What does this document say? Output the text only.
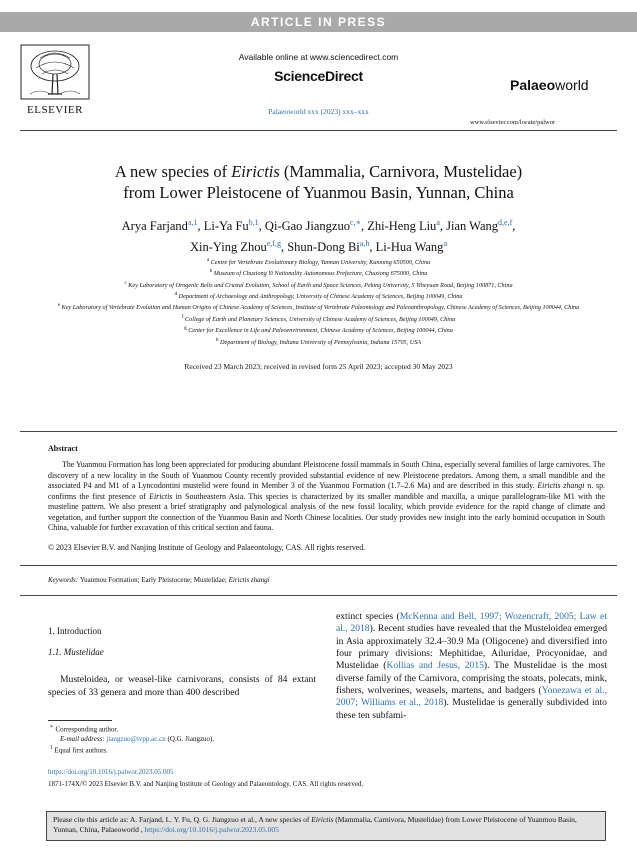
ARTICLE IN PRESS
ELSEVIER
Available online at www.sciencedirect.com
ScienceDirect
Palaeoworld xxx (2023) xxx–xxx
Palaeoworld
www.elsevier.com/locate/palwor
A new species of Eirictis (Mammalia, Carnivora, Mustelidae)
from Lower Pleistocene of Yuanmou Basin, Yunnan, China
Arya Farjand$^{a,1}$, Li-Ya Fu$^{b,1}$, Qi-Gao Jiangzuo$^{c,∗}$, Zhi-Heng Liu$^a$, Jian Wang$^{d,e,f}$,
Xin-Ying Zhou$^{e,f,g}$, Shun-Dong Bi$^{a,h}$, Li-Hua Wang$^a$
$^a$ Centre for Vertebrate Evolutionary Biology, Yunnan University, Kunming 650500, China
$^b$ Museum of Chuxiong Yi Nationality Autonomous Prefecture, Chuxiong 675000, China
$^c$ Key Laboratory of Orogenic Belts and Crustal Evolution, School of Earth and Space Sciences, Peking University, 5 Yiheyuan Road, Beijing 100871, China
$^d$ Department of Archaeology and Anthropology, University of Chinese Academy of Sciences, Beijing 100049, China
$^e$ Key Laboratory of Vertebrate Evolution and Human Origins of Chinese Academy of Sciences, Institute of Vertebrate Paleontology and Paleoanthropology, Chinese Academy of Sciences, Beijing 100044, China
$^f$ College of Earth and Planetary Sciences, University of Chinese Academy of Sciences, Beijing 100049, China
$^g$ Center for Excellence in Life and Paleoenvironment, Chinese Academy of Sciences, Beijing 100044, China
$^h$ Department of Biology, Indiana University of Pennsylvania, Indiana 15705, USA
Received 23 March 2023; received in revised form 25 April 2023; accepted 30 May 2023
Abstract

The Yuanmou Formation has long been appreciated for producing abundant Pleistocene fossil mammals in South China, especially several families of large carnivores. The discovery of a new locality in the South of Yuanmou County recently provided substantial evidence of new Pleistocene predators. Among them, a small mandible and the associated P4 and M1 of a Lyncodontini mustelid were found in Member 3 of the Yuanmou Formation (1.7–2.6 Ma) and are described in this study. Eirictis zhangi n. sp. confirms the first presence of Eirictis in Southeastern Asia. This species is characterized by its smaller mandible and maxilla, a unique parallelogram-like M1 with the musteline pattern. We also present a brief stratigraphy and palynological analysis of the new fossil locality, which provide evidence for the rapid change of climate and vegetation, and further support the connection of the Yuanmou Basin and North Chinese localities. Our study provides new insight into the early hominid occupation in South China, valuable for further excavation of this critical section and fauna.

© 2023 Elsevier B.V. and Nanjing Institute of Geology and Palaeontology, CAS. All rights reserved.
Keywords: Yuanmou Formation; Early Pleistocene; Mustelidae; Eirictis zhangi
1. Introduction
1.1. Mustelidae
Musteloidea, or weasel-like carnivorans, consists of 84 extant species of 33 genera and more than 400 described
extinct species (McKenna and Bell, 1997; Wozencraft, 2005; Law et al., 2018). Recent studies have revealed that the Musteloidea emerged in Asia approximately 32.4–30.9 Ma (Oligocene) and diversified into four primary divisions: Mephitidae, Ailuridae, Procyonidae, and Mustelidae (Kollias and Jesus, 2015). The Mustelidae is the most diverse family of the Carnivora, comprising the stoats, polecats, mink, fishers, wolverines, weasels, martens, and badgers (Yonezawa et al., 2007; Williams et al., 2018). Mustelidae is generally subdivided into these ten subfami-
∗ Corresponding author.
E-mail address: jiangzuo@ivpp.ac.cn (Q.G. Jiangzuo).
$^1$ Equal first authors.
https://doi.org/10.1016/j.palwor.2023.05.005
1871-174X/© 2023 Elsevier B.V. and Nanjing Institute of Geology and Palaeontology, CAS. All rights reserved.
Please cite this article as: A. Farjand, L. Y. Fu, Q. G. Jiangzuo et al., A new species of Eirictis (Mammalia, Carnivora, Mustelidae) from Lower Pleistocene of Yuanmou Basin, Yunnan, China, Palaeoworld , https://doi.org/10.1016/j.palwor.2023.05.005
